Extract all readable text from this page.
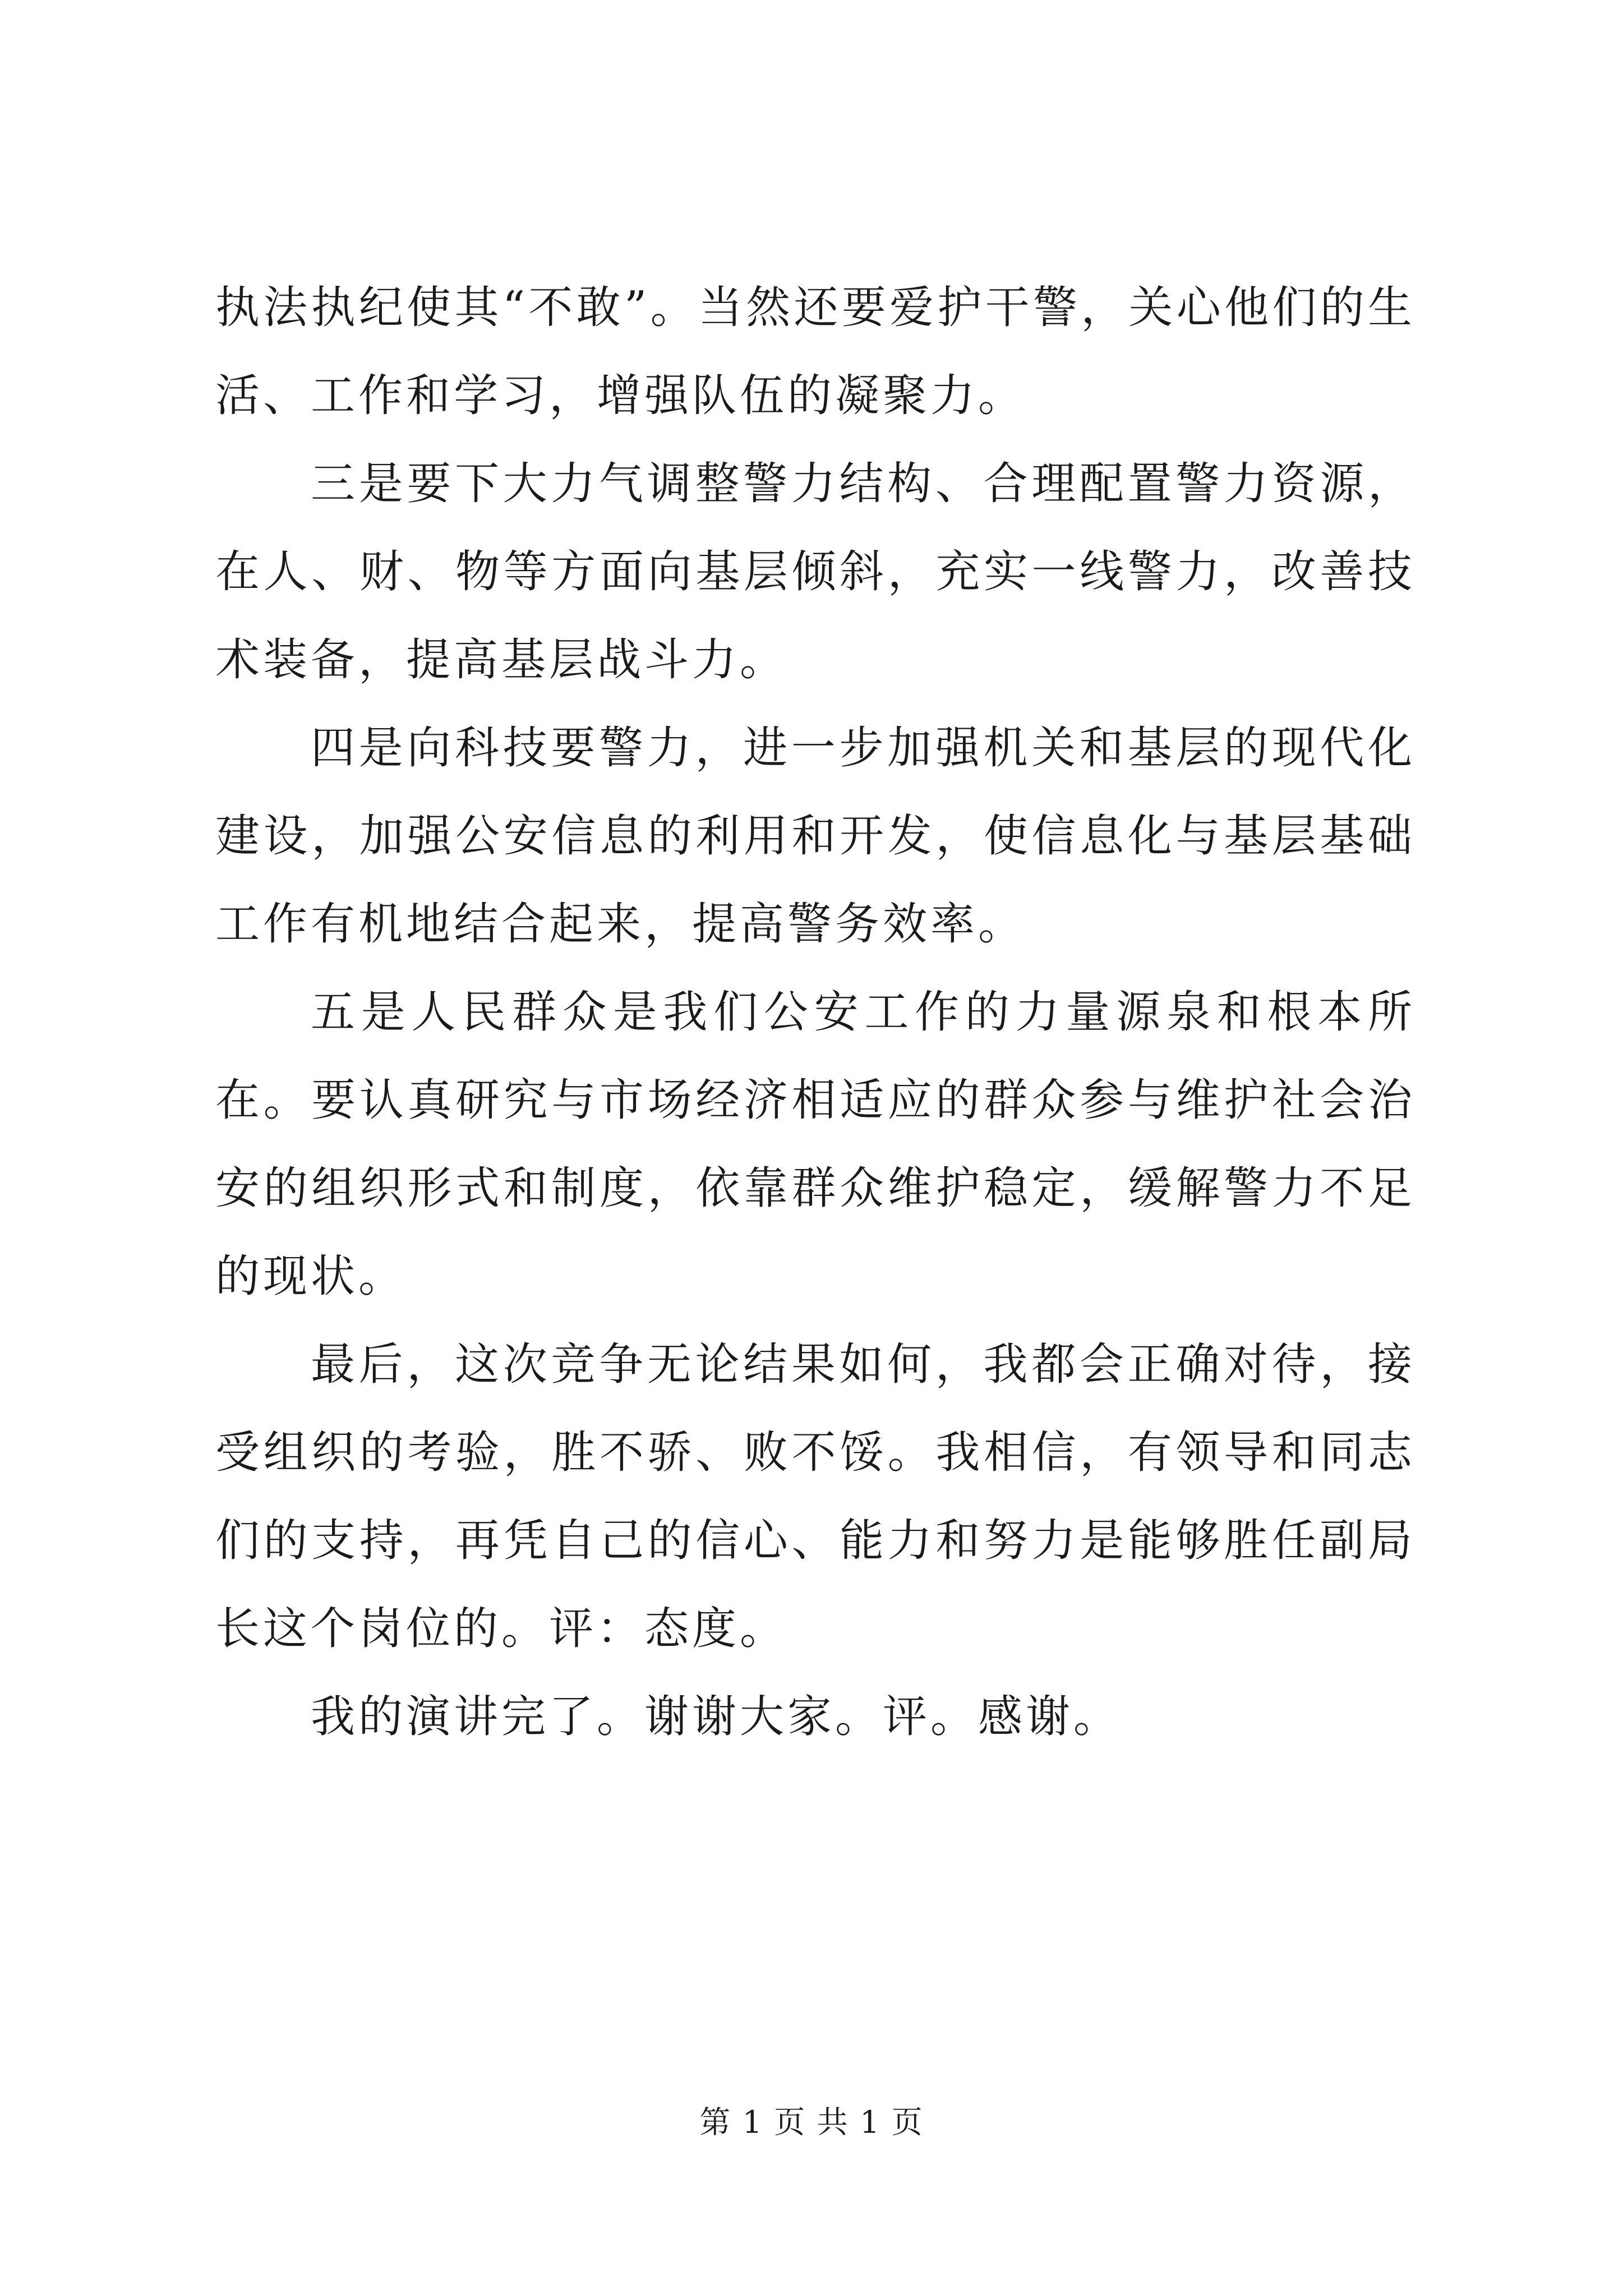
执法执纪使其“不敢”。当然还要爱护干警，关心他们的生活、工作和学习，增强队伍的凝聚力。

三是要下大力气调整警力结构、合理配置警力资源，在人、财、物等方面向基层倾斜，充实一线警力，改善技术装备，提高基层战斗力。

四是向科技要警力，进一步加强机关和基层的现代化建设，加强公安信息的利用和开发，使信息化与基层基础工作有机地结合起来，提高警务效率。

五是人民群众是我们公安工作的力量源泉和根本所在。要认真研究与市场经济相适应的群众参与维护社会治安的组织形式和制度，依靠群众维护稳定，缓解警力不足的现状。

最后，这次竞争无论结果如何，我都会正确对待，接受组织的考验，胜不骄、败不馁。我相信，有领导和同志们的支持，再凭自己的信心、能力和努力是能够胜任副局长这个岗位的。评：态度。

我的演讲完了。谢谢大家。评。感谢。

第 1 页 共 1 页
